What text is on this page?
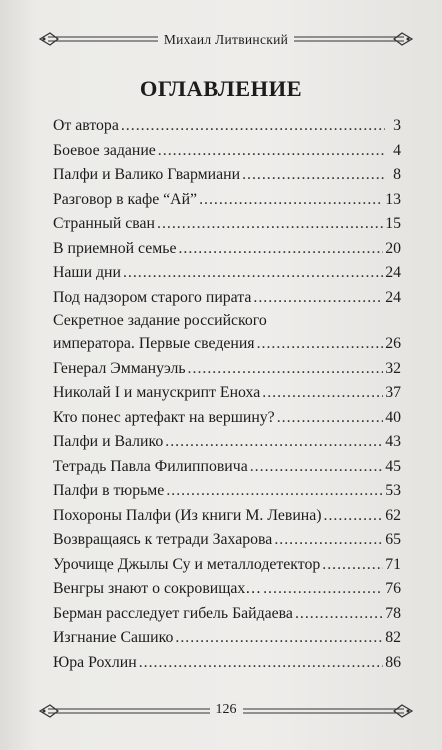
Михаил Литвинский
ОГЛАВЛЕНИЕ
От автора .....	3
Боевое задание .....	4
Палфи и Валико Гвармиани .....	8
Разговор в кафе “Ай” .....	13
Странный сван .....	15
В приемной семье .....	20
Наши дни .....	24
Под надзором старого пирата .....	24
Секретное задание российского
императора. Первые сведения .....	26
Генерал Эммануэль .....	32
Николай I и манускрипт Еноха .....	37
Кто понес артефакт на вершину? .....	40
Палфи и Валико .....	43
Тетрадь Павла Филипповича .....	45
Палфи в тюрьме .....	53
Похороны Палфи (Из книги М. Левина) .....	62
Возвращаясь к тетради Захарова .....	65
Урочище Джылы Су и металлодетектор .....	71
Венгры знают о сокровищах… .....	76
Берман расследует гибель Байдаева .....	78
Изгнание Сашико .....	82
Юра Рохлин .....	86
126
